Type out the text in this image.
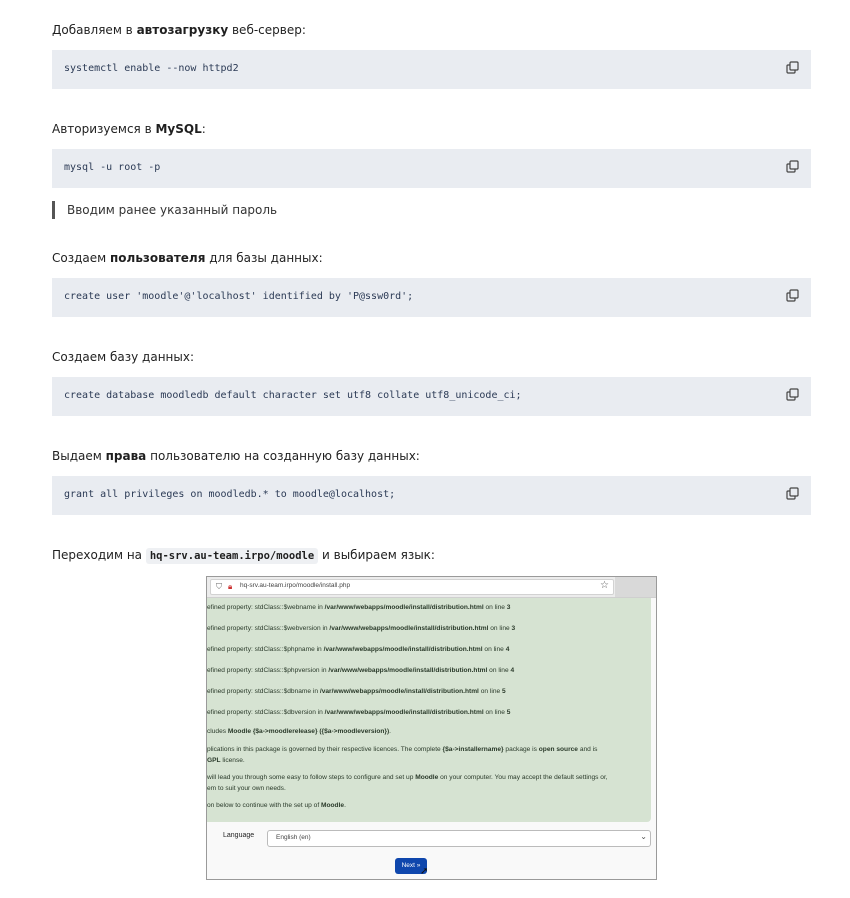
Добавляем в автозагрузку веб-сервер:
systemctl enable --now httpd2
Авторизуемся в MySQL:
mysql -u root -p
Вводим ранее указанный пароль
Создаем пользователя для базы данных:
create user 'moodle'@'localhost' identified by 'P@ssw0rd';
Создаем базу данных:
create database moodledb default character set utf8 collate utf8_unicode_ci;
Выдаем права пользователю на созданную базу данных:
grant all privileges on moodledb.* to moodle@localhost;
Переходим на hq-srv.au-team.irpo/moodle и выбираем язык:
⛉ 🔒︎ hq-srv.au-team.irpo/moodle/install.php	☆
efined property: stdClass::$webname in /var/www/webapps/moodle/install/distribution.html on line 3
efined property: stdClass::$webversion in /var/www/webapps/moodle/install/distribution.html on line 3
efined property: stdClass::$phpname in /var/www/webapps/moodle/install/distribution.html on line 4
efined property: stdClass::$phpversion in /var/www/webapps/moodle/install/distribution.html on line 4
efined property: stdClass::$dbname in /var/www/webapps/moodle/install/distribution.html on line 5
efined property: stdClass::$dbversion in /var/www/webapps/moodle/install/distribution.html on line 5
cludes Moodle {$a->moodlerelease} ({$a->moodleversion}).
plications in this package is governed by their respective licences. The complete {$a->installername} package is open source and is
GPL license.
will lead you through some easy to follow steps to configure and set up Moodle on your computer. You may accept the default settings or,
em to suit your own needs.
on below to continue with the set up of Moodle.
Language	English (en)	⌄
Next »
➚
